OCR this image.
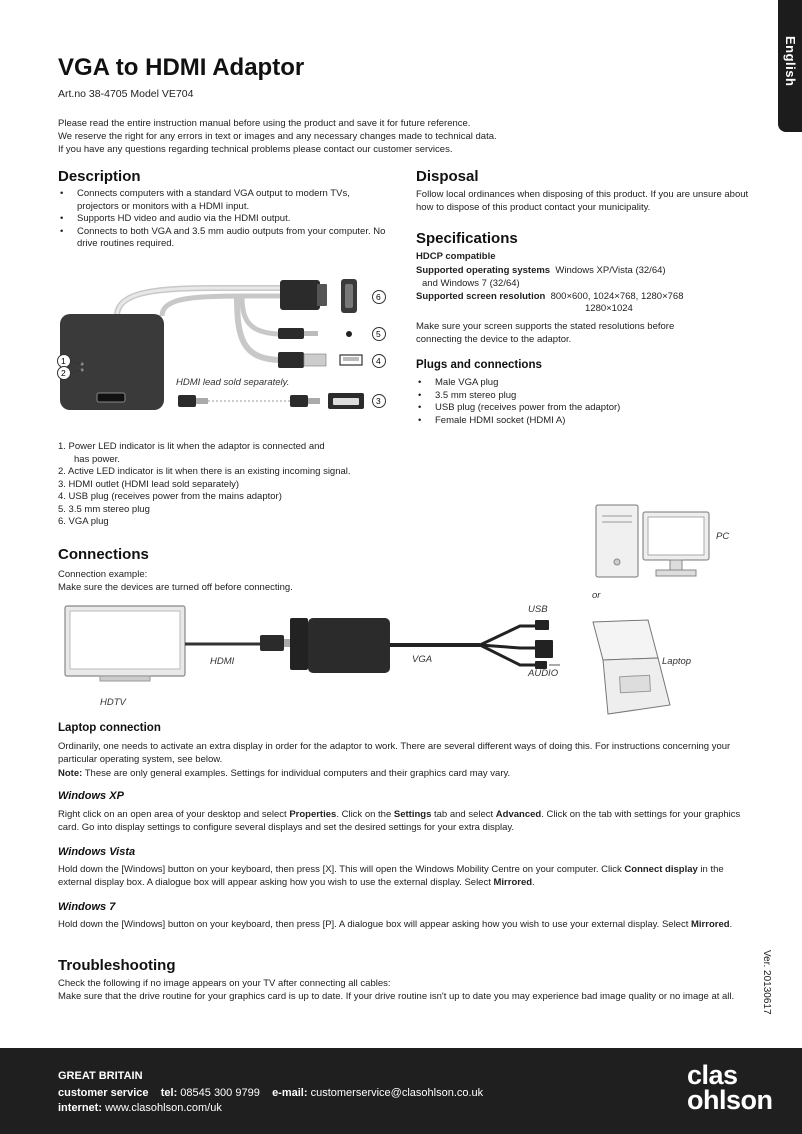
English
VGA to HDMI Adaptor
Art.no 38-4705 Model VE704
Please read the entire instruction manual before using the product and save it for future reference.
We reserve the right for any errors in text or images and any necessary changes made to technical data.
If you have any questions regarding technical problems please contact our customer services.
Description
• Connects computers with a standard VGA output to modern TVs, projectors or monitors with a HDMI input.
• Supports HD video and audio via the HDMI output.
• Connects to both VGA and 3.5 mm audio outputs from your computer. No drive routines required.
6
5
4
3
1
2
HDMI lead sold separately.
1. Power LED indicator is lit when the adaptor is connected and
has power.
2. Active LED indicator is lit when there is an existing incoming signal.
3. HDMI outlet (HDMI lead sold separately)
4. USB plug (receives power from the mains adaptor)
5. 3.5 mm stereo plug
6. VGA plug
Disposal
Follow local ordinances when disposing of this product. If you are unsure about how to dispose of this product contact your municipality.
Specifications
HDCP compatible
Supported operating systems Windows XP/Vista (32/64)
and Windows 7 (32/64)
Supported screen resolution 800×600, 1024×768, 1280×768
1280×1024
Make sure your screen supports the stated resolutions before connecting the device to the adaptor.
Plugs and connections
• Male VGA plug
• 3.5 mm stereo plug
• USB plug (receives power from the adaptor)
• Female HDMI socket (HDMI A)
Connections
Connection example:
Make sure the devices are turned off before connecting.
PC
or
USB
HDMI	VGA	Laptop
AUDIO
HDTV
Laptop connection
Ordinarily, one needs to activate an extra display in order for the adaptor to work. There are several different ways of doing this. For instructions concerning your particular operating system, see below.
Note: These are only general examples. Settings for individual computers and their graphics card may vary.
Windows XP
Right click on an open area of your desktop and select Properties. Click on the Settings tab and select Advanced. Click on the tab with settings for your graphics card. Go into display settings to configure several displays and set the desired settings for your extra display.
Windows Vista
Hold down the [Windows] button on your keyboard, then press [X]. This will open the Windows Mobility Centre on your computer. Click Connect display in the external display box. A dialogue box will appear asking how you wish to use the external display. Select Mirrored.
Windows 7
Hold down the [Windows] button on your keyboard, then press [P]. A dialogue box will appear asking how you wish to use your external display. Select Mirrored.
Troubleshooting
Check the following if no image appears on your TV after connecting all cables:
Make sure that the drive routine for your graphics card is up to date. If your drive routine isn't up to date you may experience bad image quality or no image at all.	Ver. 20130617
GREAT BRITAIN
customer service tel: 08545 300 9799 e-mail: customerservice@clasohlson.co.uk
internet: www.clasohlson.com/uk
clas
ohlson
